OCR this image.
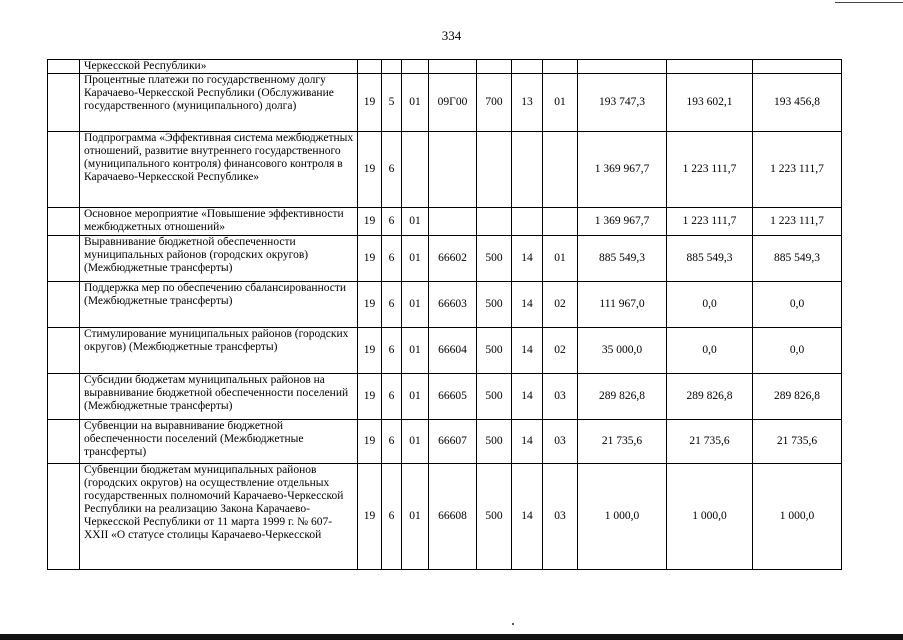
334
	Черкесской Республики»										
	Процентные платежи по государственному долгу Карачаево-Черкесской Республики (Обслуживание государственного (муниципального) долга)	19	5	01	09Г00	700	13	01	193 747,3	193 602,1	193 456,8
	Подпрограмма «Эффективная система межбюджетных отношений, развитие внутреннего государственного (муниципального контроля) финансового контроля в Карачаево-Черкесской Республике»	19	6						1 369 967,7	1 223 111,7	1 223 111,7
	Основное мероприятие «Повышение эффективности межбюджетных отношений»	19	6	01					1 369 967,7	1 223 111,7	1 223 111,7
	Выравнивание бюджетной обеспеченности муниципальных районов (городских округов) (Межбюджетные трансферты)	19	6	01	66602	500	14	01	885 549,3	885 549,3	885 549,3
	Поддержка мер по обеспечению сбалансированности (Межбюджетные трансферты)	19	6	01	66603	500	14	02	111 967,0	0,0	0,0
	Стимулирование муниципальных районов (городских округов) (Межбюджетные трансферты)	19	6	01	66604	500	14	02	35 000,0	0,0	0,0
	Субсидии бюджетам муниципальных районов на выравнивание бюджетной обеспеченности поселений (Межбюджетные трансферты)	19	6	01	66605	500	14	03	289 826,8	289 826,8	289 826,8
	Субвенции на выравнивание бюджетной обеспеченности поселений (Межбюджетные трансферты)	19	6	01	66607	500	14	03	21 735,6	21 735,6	21 735,6
	Субвенции бюджетам муниципальных районов (городских округов) на осуществление отдельных государственных полномочий Карачаево-Черкесской Республики на реализацию Закона Карачаево-Черкесской Республики от 11 марта 1999 г. № 607-XXII «О статусе столицы Карачаево-Черкесской	19	6	01	66608	500	14	03	1 000,0	1 000,0	1 000,0
